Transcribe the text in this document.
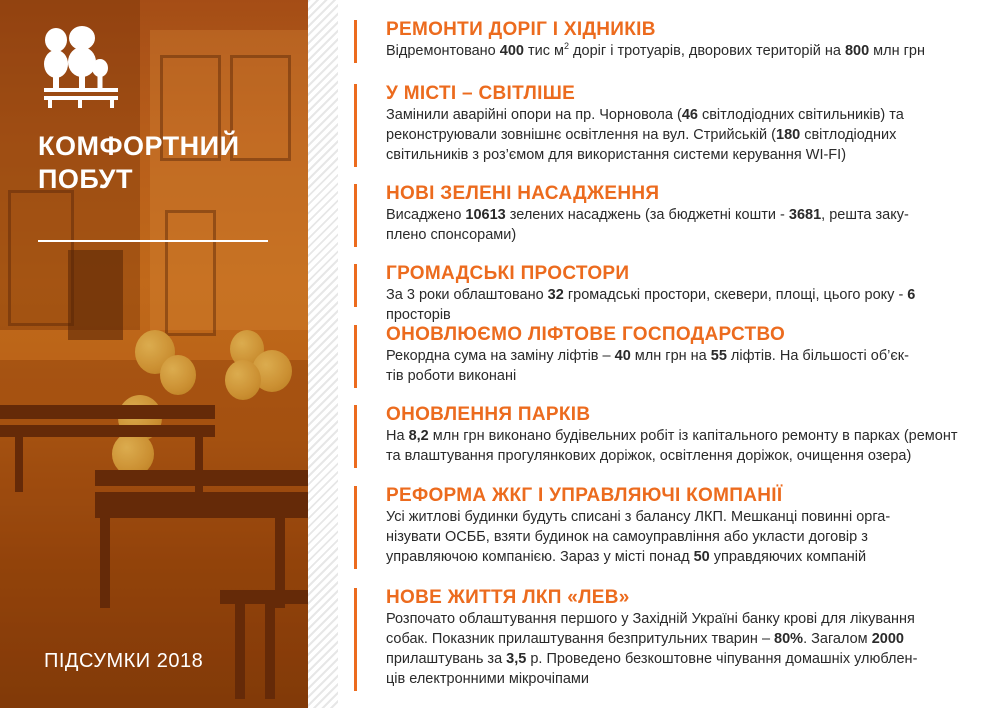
КОМФОРТНИЙ
ПОБУТ
ПІДСУМКИ 2018
РЕМОНТИ ДОРІГ І ХІДНИКІВ

Відремонтовано 400 тис $м^2$ доріг і тротуарів, дворових територій на 800 млн грн

У МІСТІ – СВІТЛІШЕ

Замінили аварійні опори на пр. Чорновола (46 світлодіодних світильників) та
реконструювали зовнішнє освітлення на вул. Стрийській (180 світлодіодних
світильників з роз’ємом для використання системи керування WI-FI)

НОВІ ЗЕЛЕНІ НАСАДЖЕННЯ

Висаджено 10613 зелених насаджень (за бюджетні кошти - 3681, решта заку-
плено спонсорами)

ГРОМАДСЬКІ ПРОСТОРИ

За 3 роки облаштовано 32 громадські простори, скевери, площі, цього року - 6 просторів

ОНОВЛЮЄМО ЛІФТОВЕ ГОСПОДАРСТВО

Рекордна сума на заміну ліфтів – 40 млн грн на 55 ліфтів. На більшості об’єк-
тів роботи виконані

ОНОВЛЕННЯ ПАРКІВ

На 8,2 млн грн виконано будівельних робіт із капітального ремонту в парках (ремонт
та влаштування прогулянкових доріжок, освітлення доріжок, очищення озера)

РЕФОРМА ЖКГ І УПРАВЛЯЮЧІ КОМПАНІЇ

Усі житлові будинки будуть списані з балансу ЛКП. Мешканці повинні орга-
нізувати ОСББ, взяти будинок на самоуправління або укласти договір з
управляючою компанією. Зараз у місті понад 50 управдяючих компаній

НОВЕ ЖИТТЯ ЛКП «ЛЕВ»

Розпочато облаштування першого у Західній Україні банку крові для лікування
собак. Показник прилаштування безпритульних тварин – 80%. Загалом 2000
прилаштувань за 3,5 р. Проведено безкоштовне чіпування домашніх улюблен-
ців електронними мікрочіпами
